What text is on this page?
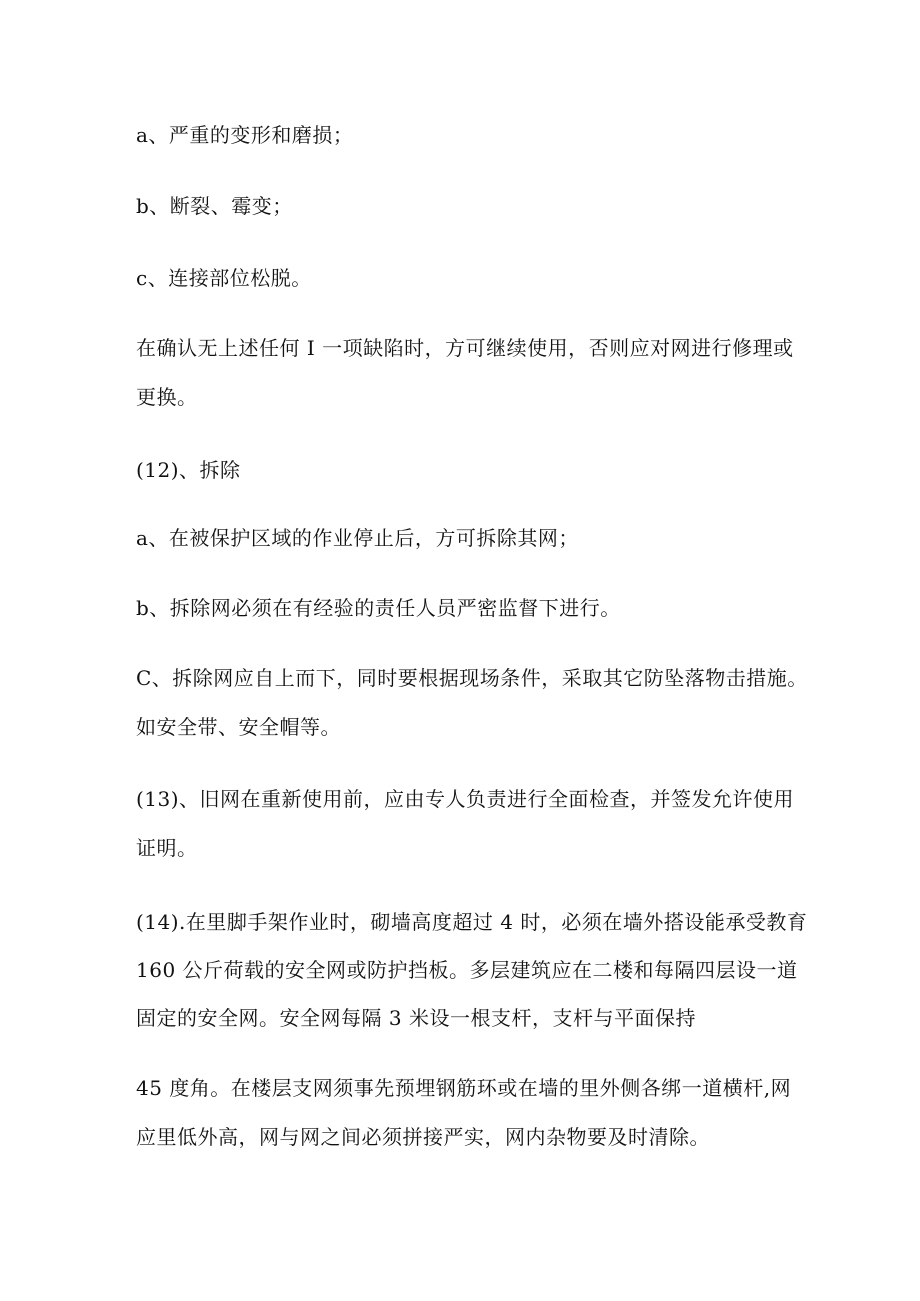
a、严重的变形和磨损；
b、断裂、霉变；
c、连接部位松脱。
在确认无上述任何 I 一项缺陷时，方可继续使用，否则应对网进行修理或
更换。
(12)、拆除
a、在被保护区域的作业停止后，方可拆除其网；
b、拆除网必须在有经验的责任人员严密监督下进行。
C、拆除网应自上而下，同时要根据现场条件，采取其它防坠落物击措施。
如安全带、安全帽等。
(13)、旧网在重新使用前，应由专人负责进行全面检查，并签发允许使用
证明。
(14).在里脚手架作业时，砌墙高度超过 4 时，必须在墙外搭设能承受教育
160 公斤荷载的安全网或防护挡板。多层建筑应在二楼和每隔四层设一道
固定的安全网。安全网每隔 3 米设一根支杆，支杆与平面保持
45 度角。在楼层支网须事先预埋钢筋环或在墙的里外侧各绑一道横杆,网
应里低外高，网与网之间必须拼接严实，网内杂物要及时清除。
